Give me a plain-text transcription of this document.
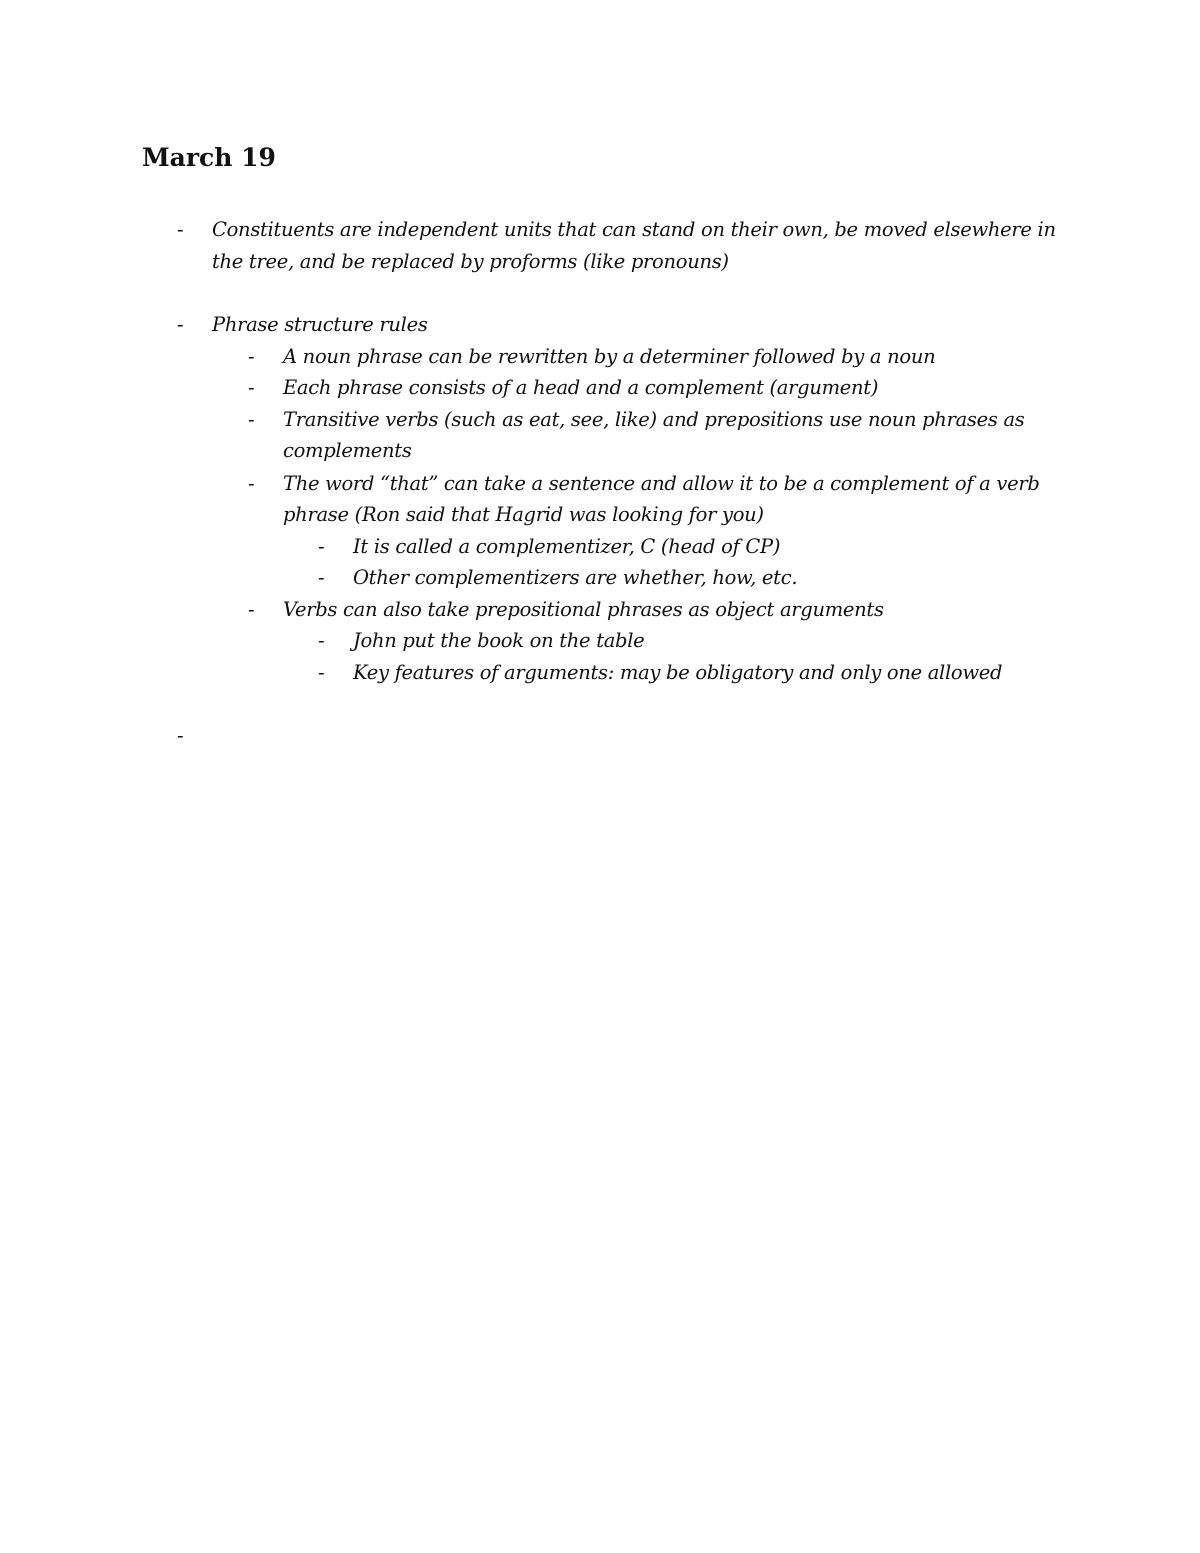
March 19
- Constituents are independent units that can stand on their own, be moved elsewhere in
the tree, and be replaced by proforms (like pronouns)
- Phrase structure rules
- A noun phrase can be rewritten by a determiner followed by a noun
- Each phrase consists of a head and a complement (argument)
- Transitive verbs (such as eat, see, like) and prepositions use noun phrases as
complements
- The word “that” can take a sentence and allow it to be a complement of a verb
phrase (Ron said that Hagrid was looking for you)
- It is called a complementizer, C (head of CP)
- Other complementizers are whether, how, etc.
- Verbs can also take prepositional phrases as object arguments
- John put the book on the table
- Key features of arguments: may be obligatory and only one allowed
-
